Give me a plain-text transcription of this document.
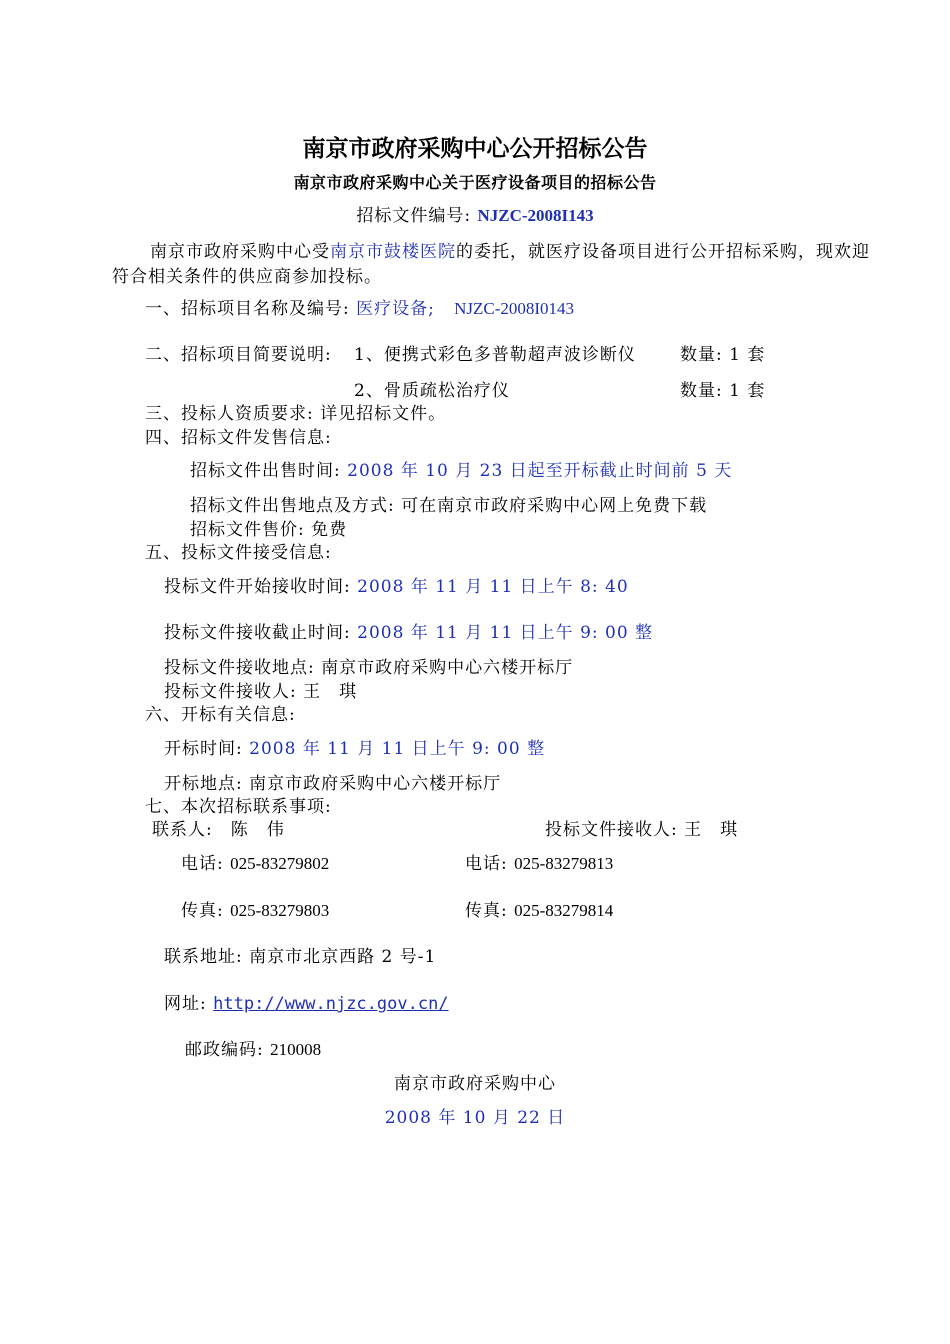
南京市政府采购中心公开招标公告
南京市政府采购中心关于医疗设备项目的招标公告
招标文件编号: NJZC-2008I143
南京市政府采购中心受南京市鼓楼医院的委托，就医疗设备项目进行公开招标采购，现欢迎符合相关条件的供应商参加投标。
一、招标项目名称及编号: 医疗设备; NJZC-2008I0143
二、招标项目简要说明: 1、便携式彩色多普勒超声波诊断仪	数量: 1 套
2、骨质疏松治疗仪	数量: 1 套
三、投标人资质要求: 详见招标文件。
四、招标文件发售信息:
招标文件出售时间: 2008 年 10 月 23 日起至开标截止时间前 5 天
招标文件出售地点及方式: 可在南京市政府采购中心网上免费下载
招标文件售价: 免费
五、投标文件接受信息:
投标文件开始接收时间: 2008 年 11 月 11 日上午 8: 40
投标文件接收截止时间: 2008 年 11 月 11 日上午 9: 00 整
投标文件接收地点: 南京市政府采购中心六楼开标厅
投标文件接收人: 王　琪
六、开标有关信息:
开标时间: 2008 年 11 月 11 日上午 9: 00 整
开标地点: 南京市政府采购中心六楼开标厅
七、本次招标联系事项:
联系人:　陈　伟	投标文件接收人: 王　琪
电话: 025-83279802	电话: 025-83279813
传真: 025-83279803	传真: 025-83279814
联系地址: 南京市北京西路 2 号-1
网址: http://www.njzc.gov.cn/
邮政编码: 210008
南京市政府采购中心
2008 年 10 月 22 日
